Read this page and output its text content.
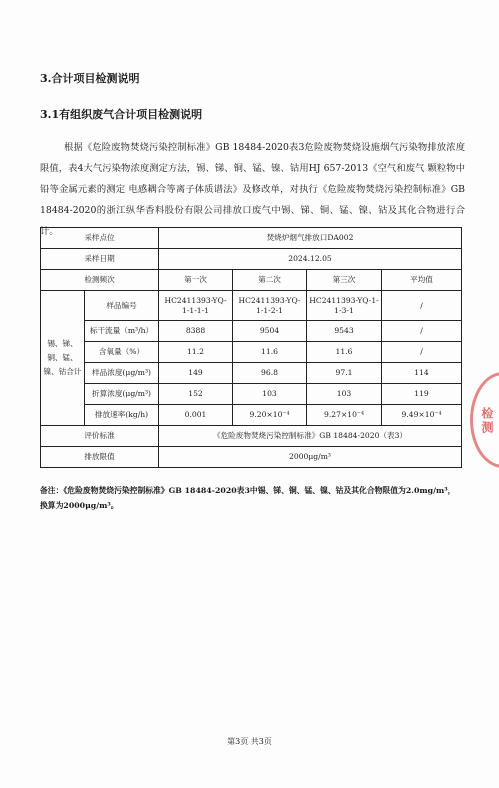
3.合计项目检测说明
3.1有组织废气合计项目检测说明
根据《危险废物焚烧污染控制标准》GB 18484-2020表3危险废物焚烧设施烟气污染物排放浓度限值，表4大气污染物浓度测定方法，锡、锑、铜、锰、镍、钴用HJ 657-2013《空气和废气 颗粒物中铅等金属元素的测定 电感耦合等离子体质谱法》及修改单，对执行《危险废物焚烧污染控制标准》GB 18484-2020的浙江纵华香料股份有限公司排放口废气中锡、锑、铜、锰、镍、钴及其化合物进行合计。
采样点位		焚烧炉烟气排放口DA002			
采样日期		2024.12.05			
检测频次		第一次	第二次	第三次	平均值
锡、锑、铜、锰、镍、钴合计	样品编号	HC2411393-YQ-1-1-1-1	HC2411393-YQ-1-1-2-1	HC2411393-YQ-1-1-3-1	/
	标干流量（m³/h）	8388	9504	9543	/
	含氧量（%）	11.2	11.6	11.6	/
	样品浓度(μg/m³)	149	96.8	97.1	114
	折算浓度(μg/m³)	152	103	103	119
	排放速率(kg/h)	0.001	9.20×10⁻⁴	9.27×10⁻⁴	9.49×10⁻⁴
评价标准		《危险废物焚烧污染控制标准》GB 18484-2020（表3）			
排放限值		2000μg/m³			
备注：《危险废物焚烧污染控制标准》GB 18484-2020表3中锡、锑、铜、锰、镍、钴及其化合物限值为2.0mg/m³，换算为2000μg/m³。
检测
第3页 共3页
